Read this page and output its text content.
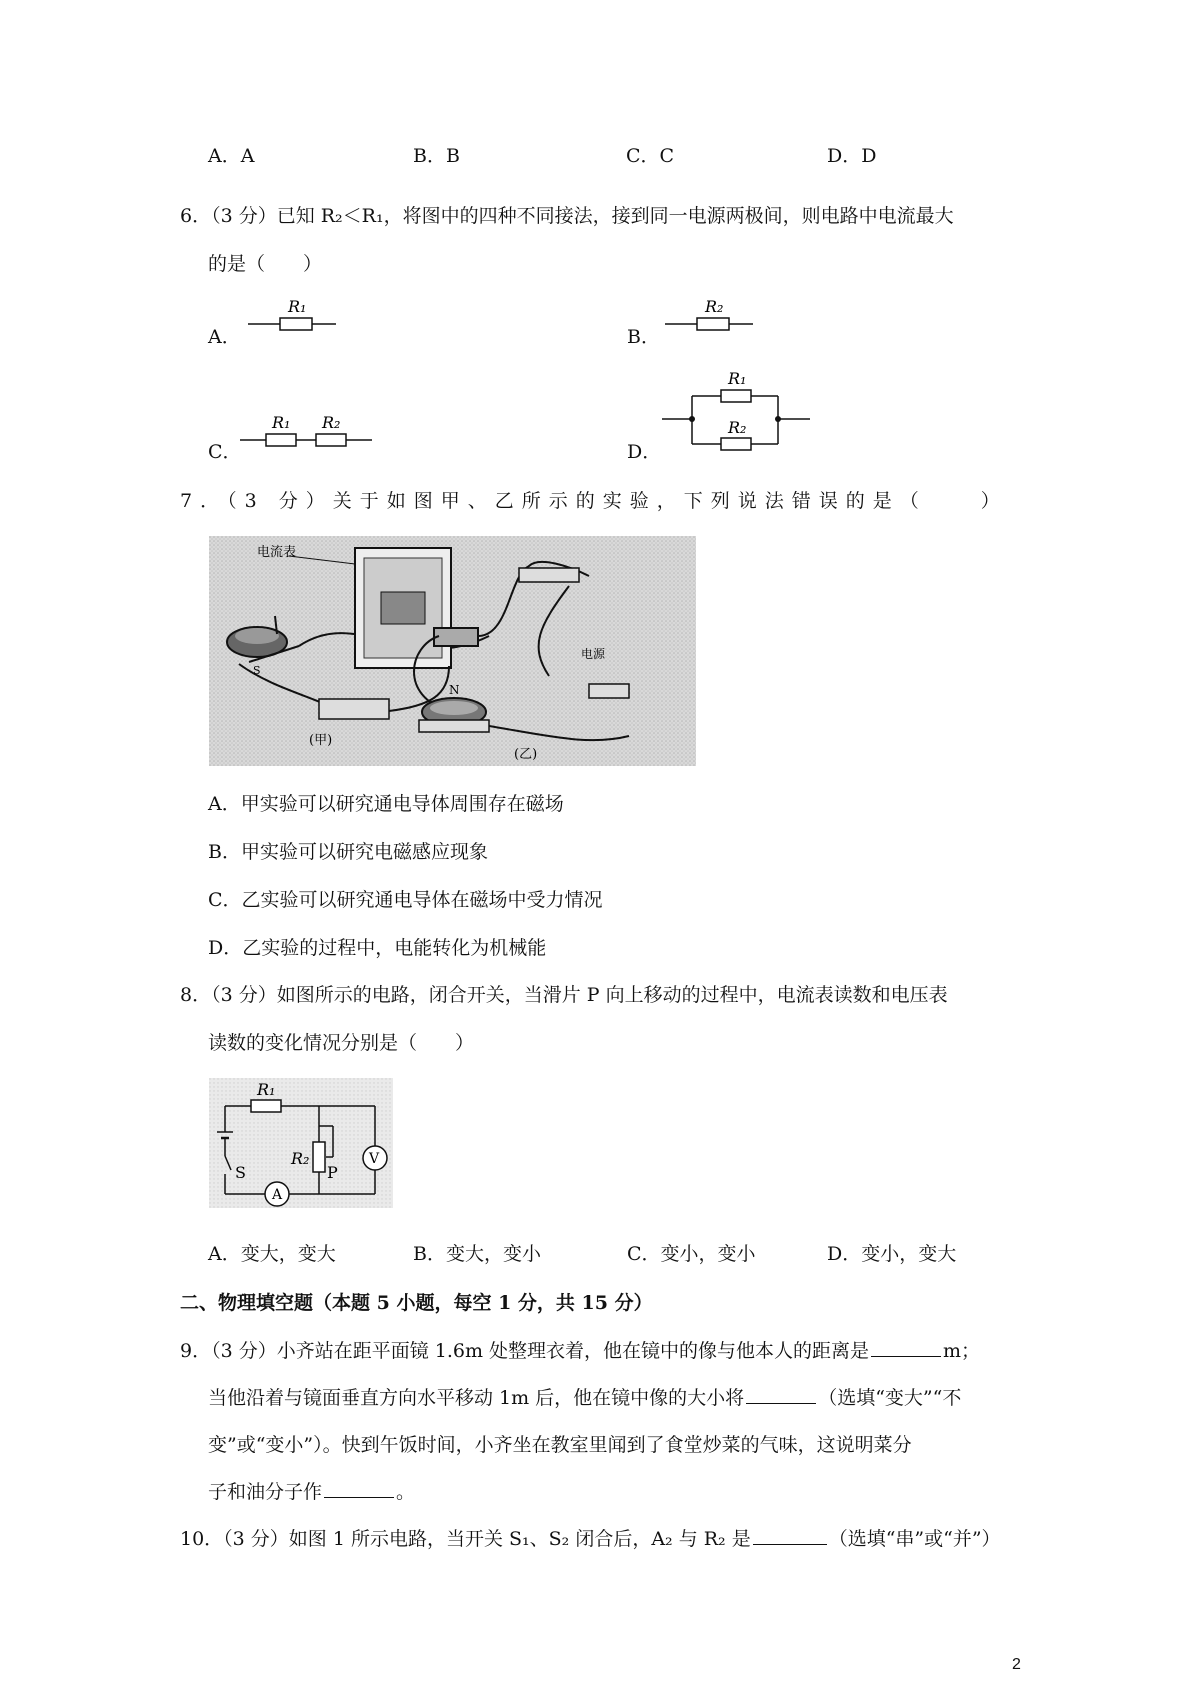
A．A	B．B	C．C	D．D
6．（3 分）已知 R₂＜R₁，将图中的四种不同接法，接到同一电源两极间，则电路中电流最大
的是（　　）
A．
R₁
B．
R₂
C．
R₁ R₂
D．
R₁
R₂
7．（3 分）关于如图甲、乙所示的实验，下列说法错误的是（　　）
电流表
S
(甲)
N
电源
(乙)
A．甲实验可以研究通电导体周围存在磁场
B．甲实验可以研究电磁感应现象
C．乙实验可以研究通电导体在磁场中受力情况
D．乙实验的过程中，电能转化为机械能
8．（3 分）如图所示的电路，闭合开关，当滑片 P 向上移动的过程中，电流表读数和电压表
读数的变化情况分别是（　　）
R₁
R₂
P
S
V
A
A．变大，变大	B．变大，变小	C．变小，变小	D．变小，变大
二、物理填空题（本题 5 小题，每空 1 分，共 15 分）
9．（3 分）小齐站在距平面镜 1.6m 处整理衣着，他在镜中的像与他本人的距离是	m；
当他沿着与镜面垂直方向水平移动 1m 后，他在镜中像的大小将	（选填“变大”“不
变”或“变小”）。快到午饭时间，小齐坐在教室里闻到了食堂炒菜的气味，这说明菜分
子和油分子作	。
10．（3 分）如图 1 所示电路，当开关 S₁、S₂ 闭合后，A₂ 与 R₂ 是	（选填“串”或“并”）
2
